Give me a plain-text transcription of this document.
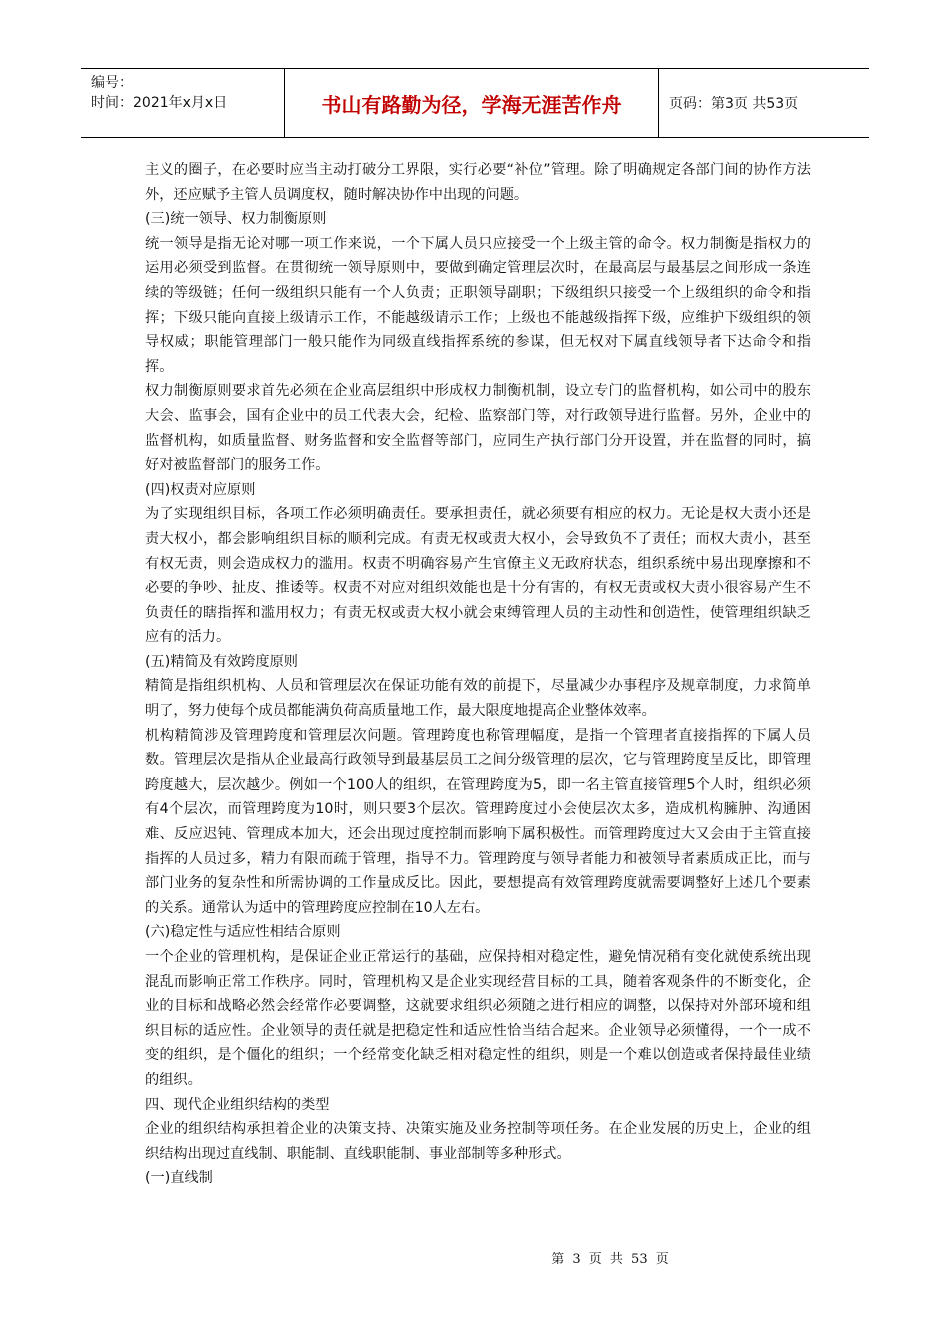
编号：
时间：2021年x月x日	书山有路勤为径，学海无涯苦作舟	页码：第3页 共53页

主义的圈子，在必要时应当主动打破分工界限，实行必要“补位”管理。除了明确规定各部门间的协作方法外，还应赋予主管人员调度权，随时解决协作中出现的问题。

(三)统一领导、权力制衡原则

统一领导是指无论对哪一项工作来说，一个下属人员只应接受一个上级主管的命令。权力制衡是指权力的运用必须受到监督。在贯彻统一领导原则中，要做到确定管理层次时，在最高层与最基层之间形成一条连续的等级链；任何一级组织只能有一个人负责；正职领导副职；下级组织只接受一个上级组织的命令和指挥；下级只能向直接上级请示工作，不能越级请示工作；上级也不能越级指挥下级，应维护下级组织的领导权威；职能管理部门一般只能作为同级直线指挥系统的参谋，但无权对下属直线领导者下达命令和指挥。

权力制衡原则要求首先必须在企业高层组织中形成权力制衡机制，设立专门的监督机构，如公司中的股东大会、监事会，国有企业中的员工代表大会，纪检、监察部门等，对行政领导进行监督。另外，企业中的监督机构，如质量监督、财务监督和安全监督等部门，应同生产执行部门分开设置，并在监督的同时，搞好对被监督部门的服务工作。

(四)权责对应原则

为了实现组织目标，各项工作必须明确责任。要承担责任，就必须要有相应的权力。无论是权大责小还是责大权小，都会影响组织目标的顺利完成。有责无权或责大权小，会导致负不了责任；而权大责小，甚至有权无责，则会造成权力的滥用。权责不明确容易产生官僚主义无政府状态，组织系统中易出现摩擦和不必要的争吵、扯皮、推诿等。权责不对应对组织效能也是十分有害的，有权无责或权大责小很容易产生不负责任的瞎指挥和滥用权力；有责无权或责大权小就会束缚管理人员的主动性和创造性，使管理组织缺乏应有的活力。

(五)精简及有效跨度原则

精简是指组织机构、人员和管理层次在保证功能有效的前提下，尽量减少办事程序及规章制度，力求简单明了，努力使每个成员都能满负荷高质量地工作，最大限度地提高企业整体效率。

机构精简涉及管理跨度和管理层次问题。管理跨度也称管理幅度，是指一个管理者直接指挥的下属人员数。管理层次是指从企业最高行政领导到最基层员工之间分级管理的层次，它与管理跨度呈反比，即管理跨度越大，层次越少。例如一个100人的组织，在管理跨度为5，即一名主管直接管理5个人时，组织必须有4个层次，而管理跨度为10时，则只要3个层次。管理跨度过小会使层次太多，造成机构臃肿、沟通困难、反应迟钝、管理成本加大，还会出现过度控制而影响下属积极性。而管理跨度过大又会由于主管直接指挥的人员过多，精力有限而疏于管理，指导不力。管理跨度与领导者能力和被领导者素质成正比，而与部门业务的复杂性和所需协调的工作量成反比。因此，要想提高有效管理跨度就需要调整好上述几个要素的关系。通常认为适中的管理跨度应控制在10人左右。

(六)稳定性与适应性相结合原则

一个企业的管理机构，是保证企业正常运行的基础，应保持相对稳定性，避免情况稍有变化就使系统出现混乱而影响正常工作秩序。同时，管理机构又是企业实现经营目标的工具，随着客观条件的不断变化，企业的目标和战略必然会经常作必要调整，这就要求组织必须随之进行相应的调整，以保持对外部环境和组织目标的适应性。企业领导的责任就是把稳定性和适应性恰当结合起来。企业领导必须懂得，一个一成不变的组织，是个僵化的组织；一个经常变化缺乏相对稳定性的组织，则是一个难以创造或者保持最佳业绩的组织。

四、现代企业组织结构的类型

企业的组织结构承担着企业的决策支持、决策实施及业务控制等项任务。在企业发展的历史上，企业的组织结构出现过直线制、职能制、直线职能制、事业部制等多种形式。

(一)直线制

第 3 页 共 53 页
